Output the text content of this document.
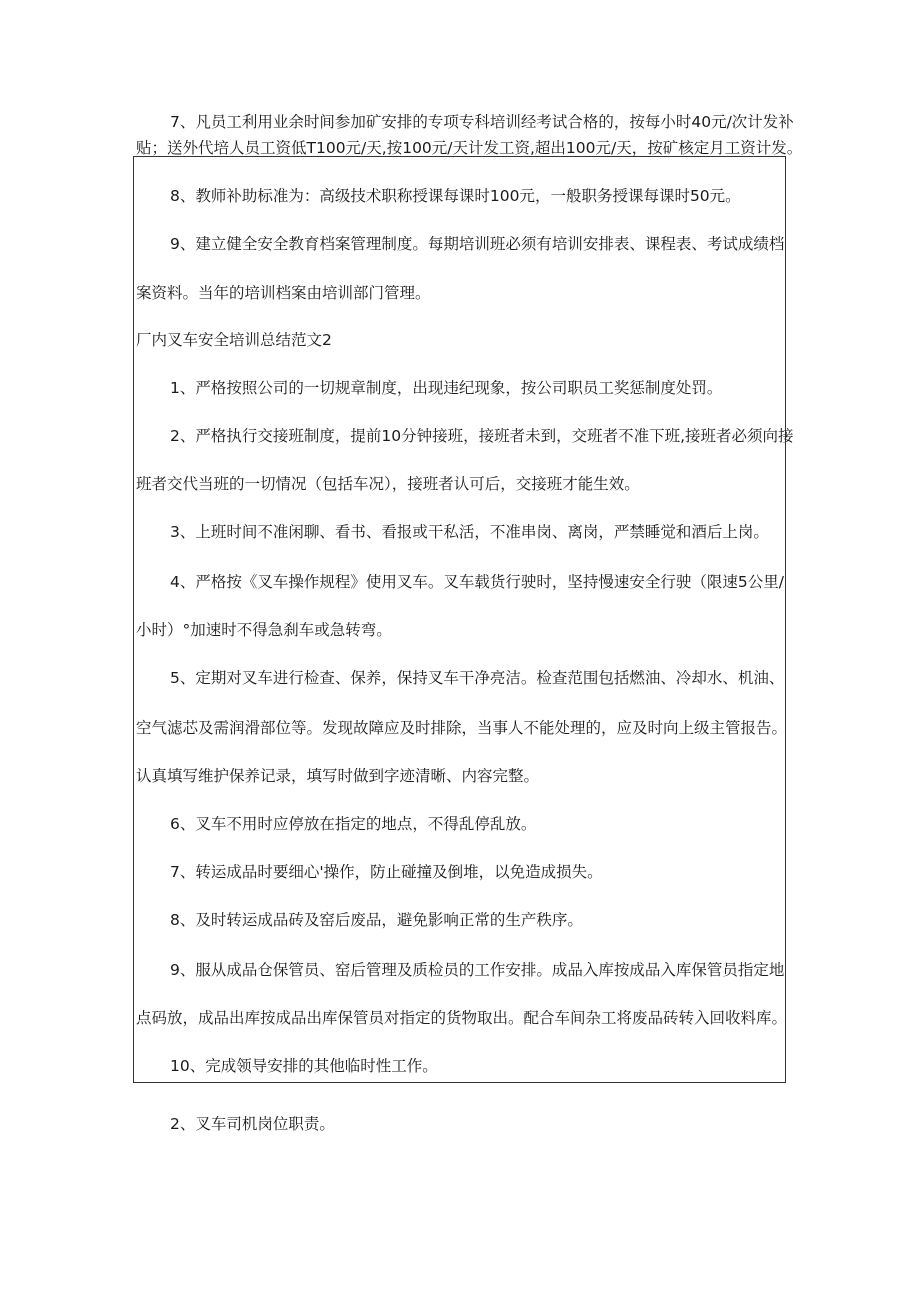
7、凡员工利用业余时间参加矿安排的专项专科培训经考试合格的，按每小时40元/次计发补
贴；送外代培人员工资低T100元/天,按100元/天计发工资,超出100元/天，按矿核定月工资计发。
8、教师补助标准为：高级技术职称授课每课时100元，一般职务授课每课时50元。
9、建立健全安全教育档案管理制度。每期培训班必须有培训安排表、课程表、考试成绩档
案资料。当年的培训档案由培训部门管理。
厂内叉车安全培训总结范文2
1、严格按照公司的一切规章制度，出现违纪现象，按公司职员工奖惩制度处罚。
2、严格执行交接班制度，提前10分钟接班，接班者未到，交班者不准下班,接班者必须向接
班者交代当班的一切情况（包括车况），接班者认可后，交接班才能生效。
3、上班时间不准闲聊、看书、看报或干私活，不准串岗、离岗，严禁睡觉和酒后上岗。
4、严格按《叉车操作规程》使用叉车。叉车载货行驶时，坚持慢速安全行驶（限速5公里/
小时）°加速时不得急刹车或急转弯。
5、定期对叉车进行检查、保养，保持叉车干净亮洁。检查范围包括燃油、冷却水、机油、
空气滤芯及需润滑部位等。发现故障应及时排除，当事人不能处理的，应及时向上级主管报告。
认真填写维护保养记录，填写时做到字迹清晰、内容完整。
6、叉车不用时应停放在指定的地点，不得乱停乱放。
7、转运成品时要细心'操作，防止碰撞及倒堆，以免造成损失。
8、及时转运成品砖及窑后废品，避免影响正常的生产秩序。
9、服从成品仓保管员、窑后管理及质检员的工作安排。成品入库按成品入库保管员指定地
点码放，成品出库按成品出库保管员对指定的货物取出。配合车间杂工将废品砖转入回收料库。
10、完成领导安排的其他临时性工作。
2、叉车司机岗位职责。
